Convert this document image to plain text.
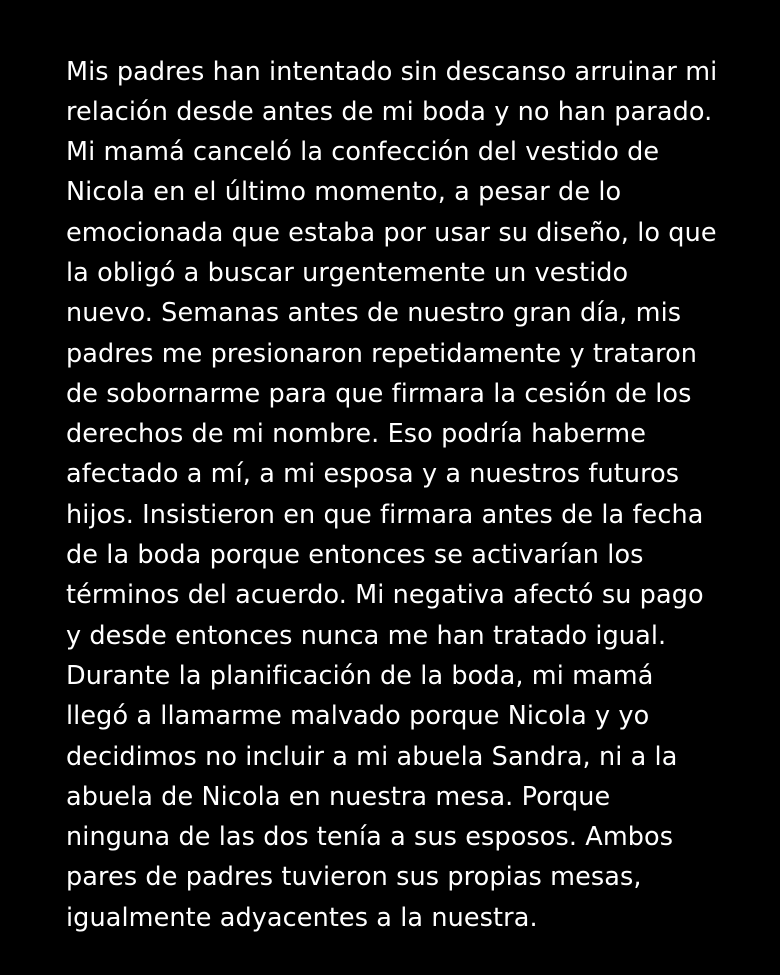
Mis padres han intentado sin descanso arruinar mi relación desde antes de mi boda y no han parado. Mi mamá canceló la confección del vestido de Nicola en el último momento, a pesar de lo emocionada que estaba por usar su diseño, lo que la obligó a buscar urgentemente un vestido nuevo. Semanas antes de nuestro gran día, mis padres me presionaron repetidamente y trataron de sobornarme para que firmara la cesión de los derechos de mi nombre. Eso podría haberme afectado a mí, a mi esposa y a nuestros futuros hijos. Insistieron en que firmara antes de la fecha de la boda porque entonces se activarían los términos del acuerdo. Mi negativa afectó su pago y desde entonces nunca me han tratado igual. Durante la planificación de la boda, mi mamá llegó a llamarme malvado porque Nicola y yo decidimos no incluir a mi abuela Sandra, ni a la abuela de Nicola en nuestra mesa. Porque ninguna de las dos tenía a sus esposos. Ambos pares de padres tuvieron sus propias mesas, igualmente adyacentes a la nuestra.
